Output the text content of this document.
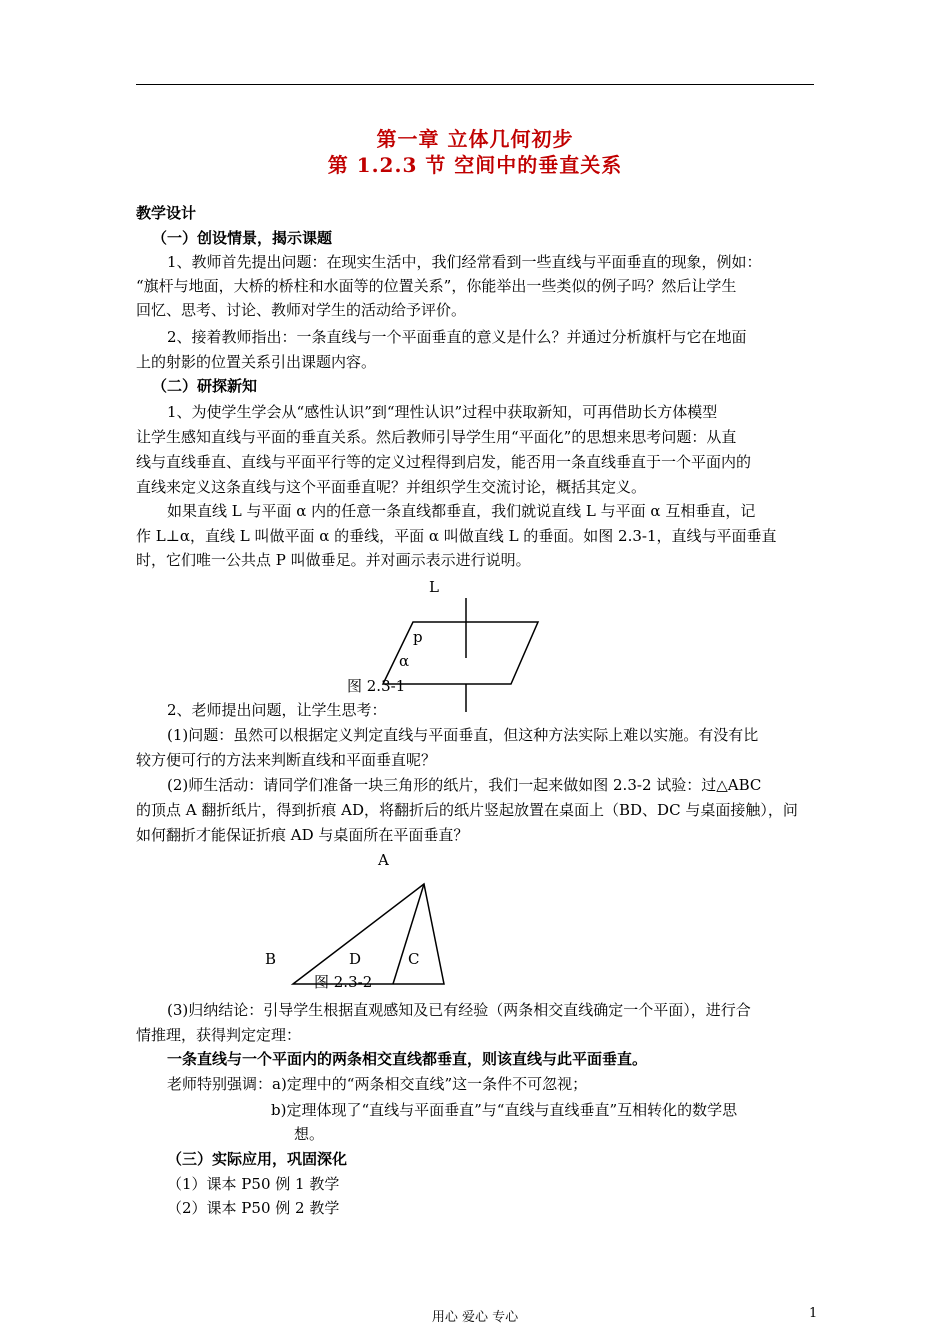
第一章 立体几何初步
第 1.2.3 节 空间中的垂直关系
教学设计
（一）创设情景，揭示课题
1、教师首先提出问题：在现实生活中，我们经常看到一些直线与平面垂直的现象，例如：
“旗杆与地面，大桥的桥柱和水面等的位置关系”，你能举出一些类似的例子吗？然后让学生
回忆、思考、讨论、教师对学生的活动给予评价。
2、接着教师指出：一条直线与一个平面垂直的意义是什么？并通过分析旗杆与它在地面
上的射影的位置关系引出课题内容。
（二）研探新知
1、为使学生学会从“感性认识”到“理性认识”过程中获取新知，可再借助长方体模型
让学生感知直线与平面的垂直关系。然后教师引导学生用“平面化”的思想来思考问题：从直
线与直线垂直、直线与平面平行等的定义过程得到启发，能否用一条直线垂直于一个平面内的
直线来定义这条直线与这个平面垂直呢？并组织学生交流讨论，概括其定义。
如果直线 L 与平面 α 内的任意一条直线都垂直，我们就说直线 L 与平面 α 互相垂直，记
作 L⊥α，直线 L 叫做平面 α 的垂线，平面 α 叫做直线 L 的垂面。如图 2.3-1，直线与平面垂直
时，它们唯一公共点 P 叫做垂足。并对画示表示进行说明。
L
p
α
图 2.3-1
2、老师提出问题，让学生思考：
(1)问题：虽然可以根据定义判定直线与平面垂直，但这种方法实际上难以实施。有没有比
较方便可行的方法来判断直线和平面垂直呢？
(2)师生活动：请同学们准备一块三角形的纸片，我们一起来做如图 2.3-2 试验：过△ABC
的顶点 A 翻折纸片，得到折痕 AD，将翻折后的纸片竖起放置在桌面上（BD、DC 与桌面接触），问
如何翻折才能保证折痕 AD 与桌面所在平面垂直？
A
B	D	C
图 2.3-2
(3)归纳结论：引导学生根据直观感知及已有经验（两条相交直线确定一个平面），进行合
情推理，获得判定定理：
一条直线与一个平面内的两条相交直线都垂直，则该直线与此平面垂直。
老师特别强调：a)定理中的“两条相交直线”这一条件不可忽视；
b)定理体现了“直线与平面垂直”与“直线与直线垂直”互相转化的数学思
想。
（三）实际应用，巩固深化
（1）课本 P50 例 1 教学
（2）课本 P50 例 2 教学
用心 爱心 专心	1
